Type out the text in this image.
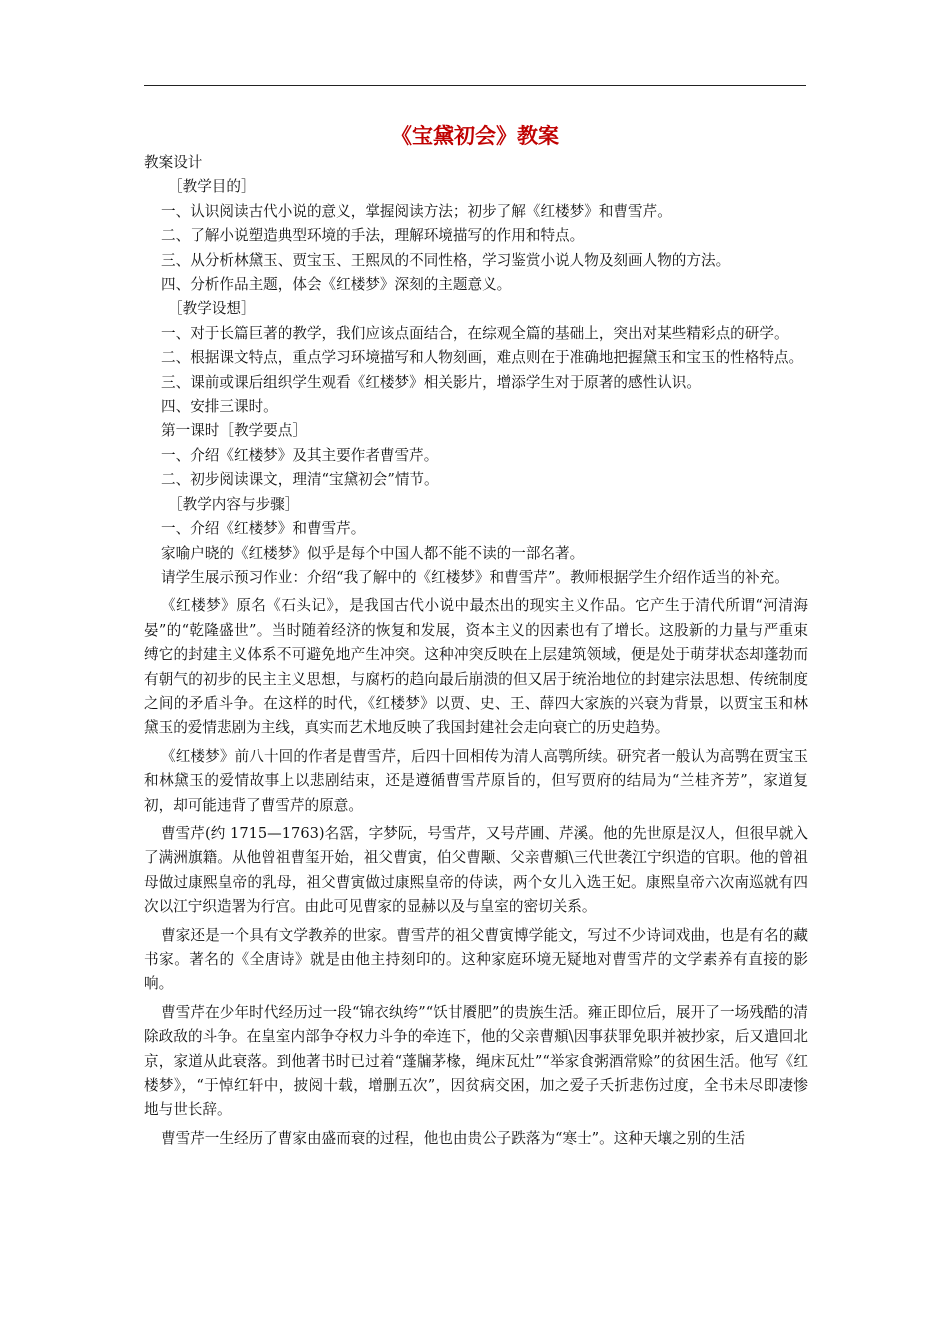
《宝黛初会》教案

教案设计

［教学目的］

一、认识阅读古代小说的意义，掌握阅读方法；初步了解《红楼梦》和曹雪芹。

二、了解小说塑造典型环境的手法，理解环境描写的作用和特点。

三、从分析林黛玉、贾宝玉、王熙凤的不同性格，学习鉴赏小说人物及刻画人物的方法。

四、分析作品主题，体会《红楼梦》深刻的主题意义。

［教学设想］

一、对于长篇巨著的教学，我们应该点面结合，在综观全篇的基础上，突出对某些精彩点的研学。

二、根据课文特点，重点学习环境描写和人物刻画，难点则在于准确地把握黛玉和宝玉的性格特点。

三、课前或课后组织学生观看《红楼梦》相关影片，增添学生对于原著的感性认识。

四、安排三课时。

第一课时［教学要点］

一、介绍《红楼梦》及其主要作者曹雪芹。

二、初步阅读课文，理清“宝黛初会”情节。

［教学内容与步骤］

一、介绍《红楼梦》和曹雪芹。

家喻户晓的《红楼梦》似乎是每个中国人都不能不读的一部名著。

请学生展示预习作业：介绍“我了解中的《红楼梦》和曹雪芹”。教师根据学生介绍作适当的补充。

《红楼梦》原名《石头记》，是我国古代小说中最杰出的现实主义作品。它产生于清代所谓“河清海晏”的“乾隆盛世”。当时随着经济的恢复和发展，资本主义的因素也有了增长。这股新的力量与严重束缚它的封建主义体系不可避免地产生冲突。这种冲突反映在上层建筑领域，便是处于萌芽状态却蓬勃而有朝气的初步的民主主义思想，与腐朽的趋向最后崩溃的但又居于统治地位的封建宗法思想、传统制度之间的矛盾斗争。在这样的时代，《红楼梦》以贾、史、王、薛四大家族的兴衰为背景，以贾宝玉和林黛玉的爱情悲剧为主线，真实而艺术地反映了我国封建社会走向衰亡的历史趋势。

《红楼梦》前八十回的作者是曹雪芹，后四十回相传为清人高鹗所续。研究者一般认为高鹗在贾宝玉和林黛玉的爱情故事上以悲剧结束，还是遵循曹雪芹原旨的，但写贾府的结局为“兰桂齐芳”，家道复初，却可能违背了曹雪芹的原意。

曹雪芹(约 1715—1763)名霑，字梦阮，号雪芹，又号芹圃、芹溪。他的先世原是汉人，但很早就入了满洲旗籍。从他曾祖曹玺开始，祖父曹寅，伯父曹颙、父亲曹頫\三代世袭江宁织造的官职。他的曾祖母做过康熙皇帝的乳母，祖父曹寅做过康熙皇帝的侍读，两个女儿入选王妃。康熙皇帝六次南巡就有四次以江宁织造署为行宫。由此可见曹家的显赫以及与皇室的密切关系。

曹家还是一个具有文学教养的世家。曹雪芹的祖父曹寅博学能文，写过不少诗词戏曲，也是有名的藏书家。著名的《全唐诗》就是由他主持刻印的。这种家庭环境无疑地对曹雪芹的文学素养有直接的影响。

曹雪芹在少年时代经历过一段“锦衣纨绔”“饫甘餍肥”的贵族生活。雍正即位后，展开了一场残酷的清除政敌的斗争。在皇室内部争夺权力斗争的牵连下，他的父亲曹頫\因事获罪免职并被抄家，后又遣回北京，家道从此衰落。到他著书时已过着“蓬牖茅椽，绳床瓦灶”“举家食粥酒常赊”的贫困生活。他写《红楼梦》，“于悼红轩中，披阅十载，增删五次”，因贫病交困，加之爱子夭折悲伤过度，全书未尽即凄惨地与世长辞。

曹雪芹一生经历了曹家由盛而衰的过程，他也由贵公子跌落为“寒士”。这种天壤之别的生活
